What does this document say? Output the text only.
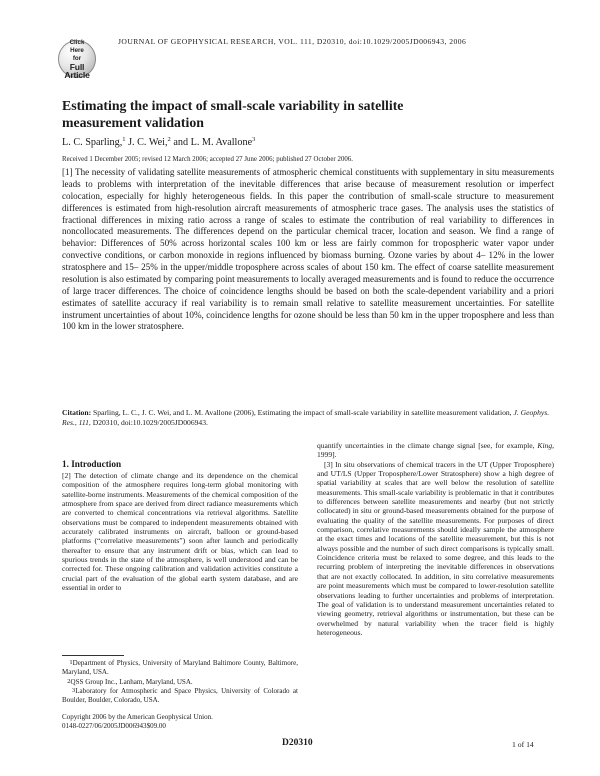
JOURNAL OF GEOPHYSICAL RESEARCH, VOL. 111, D20310, doi:10.1029/2005JD006943, 2006
Click
Here
for
Full
Article
Estimating the impact of small-scale variability in satellite measurement validation
L. C. Sparling,$^1$ J. C. Wei,$^2$ and L. M. Avallone$^3$
Received 1 December 2005; revised 12 March 2006; accepted 27 June 2006; published 27 October 2006.
[1] The necessity of validating satellite measurements of atmospheric chemical constituents with supplementary in situ measurements leads to problems with interpretation of the inevitable differences that arise because of measurement resolution or imperfect colocation, especially for highly heterogeneous fields. In this paper the contribution of small-scale structure to measurement differences is estimated from high-resolution aircraft measurements of atmospheric trace gases. The analysis uses the statistics of fractional differences in mixing ratio across a range of scales to estimate the contribution of real variability to differences in noncollocated measurements. The differences depend on the particular chemical tracer, location and season. We find a range of behavior: Differences of 50% across horizontal scales 100 km or less are fairly common for tropospheric water vapor under convective conditions, or carbon monoxide in regions influenced by biomass burning. Ozone varies by about 4– 12% in the lower stratosphere and 15– 25% in the upper/middle troposphere across scales of about 150 km. The effect of coarse satellite measurement resolution is also estimated by comparing point measurements to locally averaged measurements and is found to reduce the occurrence of large tracer differences. The choice of coincidence lengths should be based on both the scale-dependent variability and a priori estimates of satellite accuracy if real variability is to remain small relative to satellite measurement uncertainties. For satellite instrument uncertainties of about 10%, coincidence lengths for ozone should be less than 50 km in the upper troposphere and less than 100 km in the lower stratosphere.
Citation: Sparling, L. C., J. C. Wei, and L. M. Avallone (2006), Estimating the impact of small-scale variability in satellite measurement validation, J. Geophys. Res., 111, D20310, doi:10.1029/2005JD006943.
1. Introduction
[2] The detection of climate change and its dependence on the chemical composition of the atmosphere requires long-term global monitoring with satellite-borne instruments. Measurements of the chemical composition of the atmosphere from space are derived from direct radiance measurements which are converted to chemical concentrations via retrieval algorithms. Satellite observations must be compared to independent measurements obtained with accurately calibrated instruments on aircraft, balloon or ground-based platforms (“correlative measurements”) soon after launch and periodically thereafter to ensure that any instrument drift or bias, which can lead to spurious trends in the state of the atmosphere, is well understood and can be corrected for. These ongoing calibration and validation activities constitute a crucial part of the evaluation of the global earth system database, and are essential in order to
quantify uncertainties in the climate change signal [see, for example, King, 1999].
[3] In situ observations of chemical tracers in the UT (Upper Troposphere) and UT/LS (Upper Troposphere/Lower Stratosphere) show a high degree of spatial variability at scales that are well below the resolution of satellite measurements. This small-scale variability is problematic in that it contributes to differences between satellite measurements and nearby (but not strictly collocated) in situ or ground-based measurements obtained for the purpose of evaluating the quality of the satellite measurements. For purposes of direct comparison, correlative measurements should ideally sample the atmosphere at the exact times and locations of the satellite measurement, but this is not always possible and the number of such direct comparisons is typically small. Coincidence criteria must be relaxed to some degree, and this leads to the recurring problem of interpreting the inevitable differences in observations that are not exactly collocated. In addition, in situ correlative measurements are point measurements which must be compared to lower-resolution satellite observations leading to further uncertainties and problems of interpretation. The goal of validation is to understand measurement uncertainties related to viewing geometry, retrieval algorithms or instrumentation, but these can be overwhelmed by natural variability when the tracer field is highly heterogeneous.
$^1$Department of Physics, University of Maryland Baltimore County, Baltimore, Maryland, USA.
$^2$QSS Group Inc., Lanham, Maryland, USA.
$^3$Laboratory for Atmospheric and Space Physics, University of Colorado at Boulder, Boulder, Colorado, USA.
Copyright 2006 by the American Geophysical Union.
0148-0227/06/2005JD006943$09.00
D20310	1 of 14
